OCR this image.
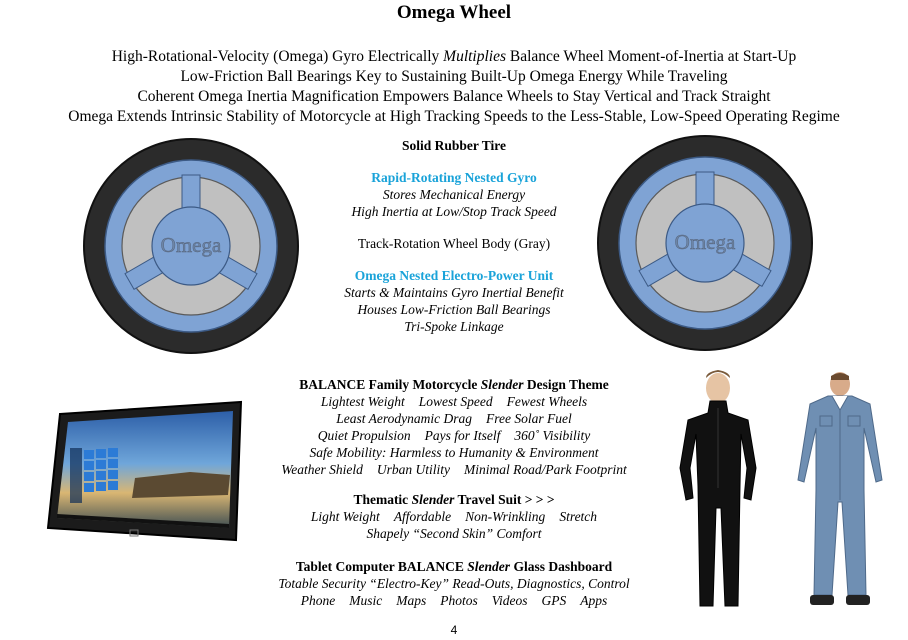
Omega Wheel
High-Rotational-Velocity (Omega) Gyro Electrically Multiplies Balance Wheel Moment-of-Inertia at Start-Up
Low-Friction Ball Bearings Key to Sustaining Built-Up Omega Energy While Traveling
Coherent Omega Inertia Magnification Empowers Balance Wheels to Stay Vertical and Track Straight
Omega Extends Intrinsic Stability of Motorcycle at High Tracking Speeds to the Less-Stable, Low-Speed Operating Regime
Omega	Omega
Solid Rubber Tire
Rapid-Rotating Nested Gyro
Stores Mechanical Energy
High Inertia at Low/Stop Track Speed
Track-Rotation Wheel Body (Gray)
Omega Nested Electro-Power Unit
Starts & Maintains Gyro Inertial Benefit
Houses Low-Friction Ball Bearings
Tri-Spoke Linkage
BALANCE Family Motorcycle Slender Design Theme
Lightest Weight Lowest Speed Fewest Wheels
Least Aerodynamic Drag Free Solar Fuel
Quiet Propulsion Pays for Itself 360˚ Visibility
Safe Mobility: Harmless to Humanity & Environment
Weather Shield Urban Utility Minimal Road/Park Footprint
Thematic Slender Travel Suit > > >
Light Weight Affordable Non-Wrinkling Stretch
Shapely “Second Skin” Comfort
Tablet Computer BALANCE Slender Glass Dashboard
Totable Security “Electro-Key” Read-Outs, Diagnostics, Control
Phone Music Maps Photos Videos GPS Apps
4
